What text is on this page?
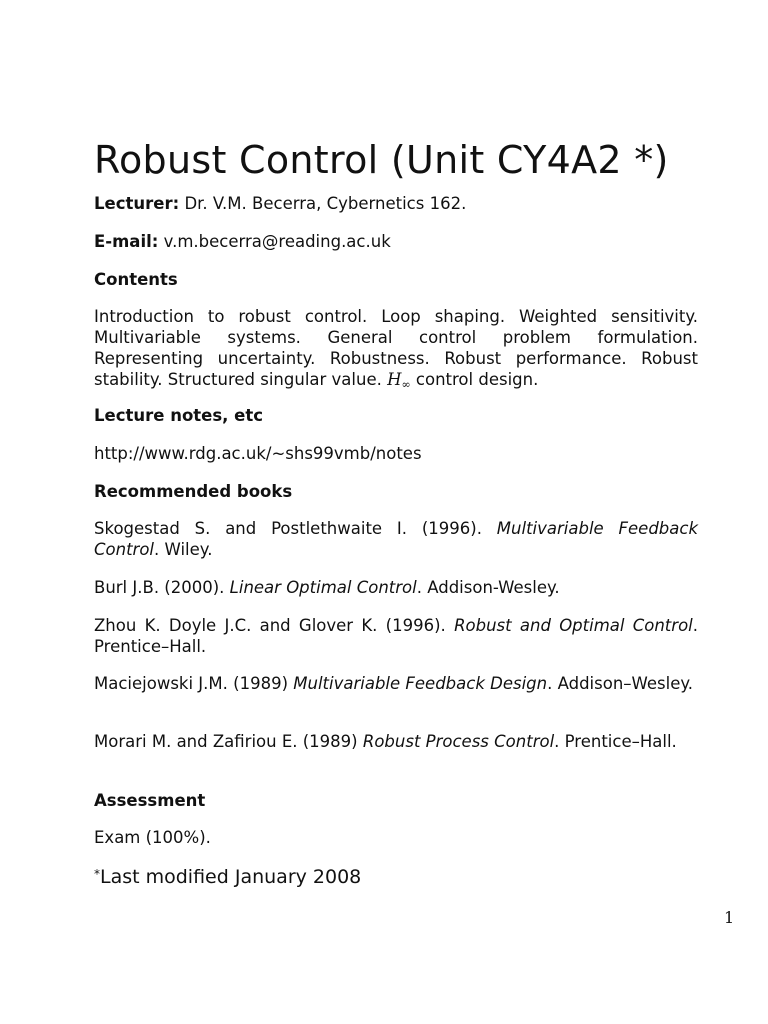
Robust Control (Unit CY4A2 *)
Lecturer: Dr. V.M. Becerra, Cybernetics 162.
E-mail: v.m.becerra@reading.ac.uk
Contents

Introduction to robust control. Loop shaping. Weighted sensitivity. Multivariable systems. General control problem formulation. Representing uncertainty. Robustness. Robust performance. Robust stability. Structured singular value. $H_\infty$ control design.

Lecture notes, etc
http://www.rdg.ac.uk/~shs99vmb/notes
Recommended books

Skogestad S. and Postlethwaite I. (1996). Multivariable Feedback Control. Wiley.

Burl J.B. (2000). Linear Optimal Control. Addison-Wesley.

Zhou K. Doyle J.C. and Glover K. (1996). Robust and Optimal Control. Prentice–Hall.

Maciejowski J.M. (1989) Multivariable Feedback Design. Addison–Wesley.

Morari M. and Zafiriou E. (1989) Robust Process Control. Prentice–Hall.

Assessment
Exam (100%).
*Last modified January 2008
1
